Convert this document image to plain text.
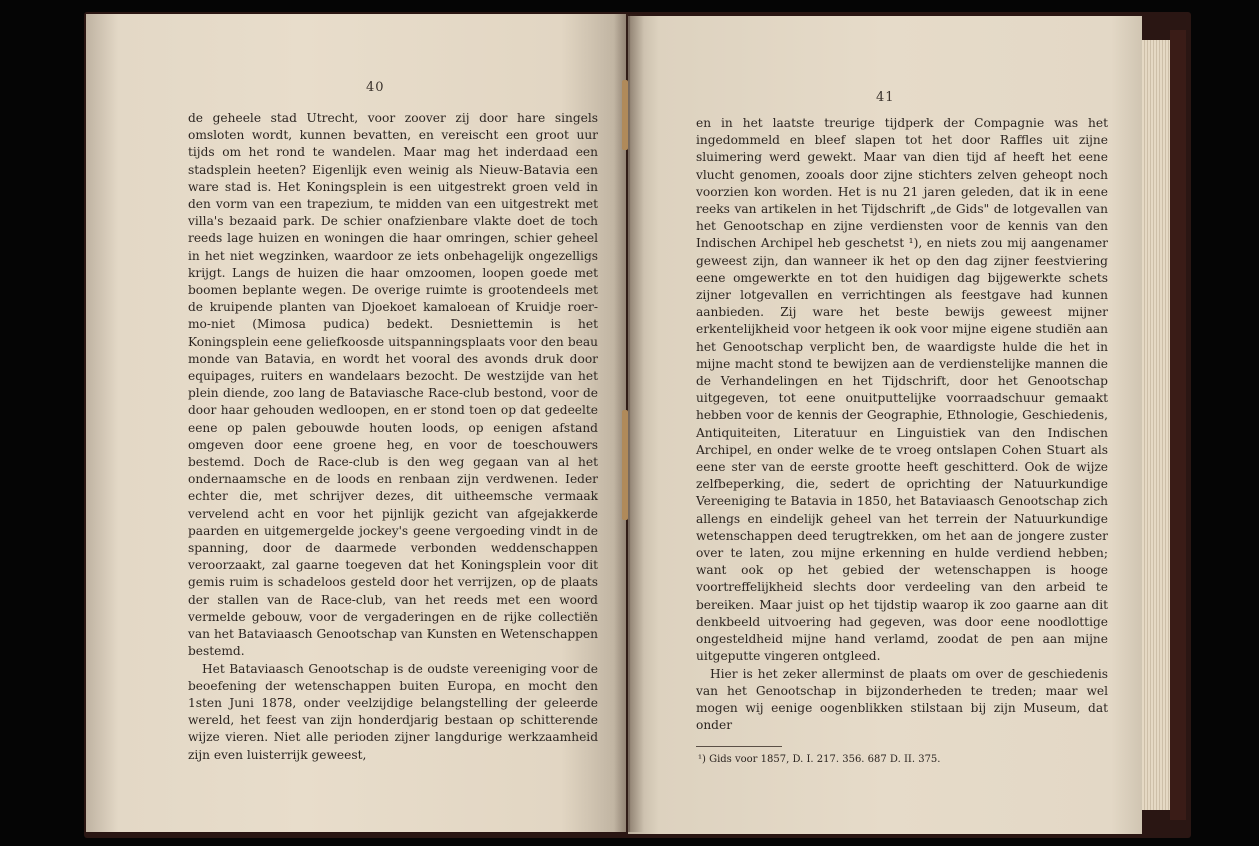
40

de geheele stad Utrecht, voor zoover zij door hare singels omsloten wordt, kunnen bevatten, en vereischt een groot uur tijds om het rond te wandelen. Maar mag het inderdaad een stadsplein heeten? Eigenlijk even weinig als Nieuw-Batavia een ware stad is. Het Koningsplein is een uitgestrekt groen veld in den vorm van een trapezium, te midden van een uitgestrekt met villa's bezaaid park. De schier onafzienbare vlakte doet de toch reeds lage huizen en woningen die haar omringen, schier geheel in het niet wegzinken, waardoor ze iets onbehagelijk ongezelligs krijgt. Langs de huizen die haar omzoomen, loopen goede met boomen beplante wegen. De overige ruimte is grootendeels met de kruipende planten van Djoekoet kamaloean of Kruidje roer-mo-niet (Mimosa pudica) bedekt. Desniettemin is het Koningsplein eene geliefkoosde uitspanningsplaats voor den beau monde van Batavia, en wordt het vooral des avonds druk door equipages, ruiters en wandelaars bezocht. De westzijde van het plein diende, zoo lang de Bataviasche Race-club bestond, voor de door haar gehouden wedloopen, en er stond toen op dat gedeelte eene op palen gebouwde houten loods, op eenigen afstand omgeven door eene groene heg, en voor de toeschouwers bestemd. Doch de Race-club is den weg gegaan van al het ondernaamsche en de loods en renbaan zijn verdwenen. Ieder echter die, met schrijver dezes, dit uitheemsche vermaak vervelend acht en voor het pijnlijk gezicht van afgejakkerde paarden en uitgemergelde jockey's geene vergoeding vindt in de spanning, door de daarmede verbonden weddenschappen veroorzaakt, zal gaarne toegeven dat het Koningsplein voor dit gemis ruim is schadeloos gesteld door het verrijzen, op de plaats der stallen van de Race-club, van het reeds met een woord vermelde gebouw, voor de vergaderingen en de rijke collectiën van het Bataviaasch Genootschap van Kunsten en Wetenschappen bestemd.

Het Bataviaasch Genootschap is de oudste vereeniging voor de beoefening der wetenschappen buiten Europa, en mocht den 1sten Juni 1878, onder veelzijdige belangstelling der geleerde wereld, het feest van zijn honderdjarig bestaan op schitterende wijze vieren. Niet alle perioden zijner langdurige werkzaamheid zijn even luisterrijk geweest,

41

en in het laatste treurige tijdperk der Compagnie was het ingedommeld en bleef slapen tot het door Raffles uit zijne sluimering werd gewekt. Maar van dien tijd af heeft het eene vlucht genomen, zooals door zijne stichters zelven geheopt noch voorzien kon worden. Het is nu 21 jaren geleden, dat ik in eene reeks van artikelen in het Tijdschrift „de Gids" de lotgevallen van het Genootschap en zijne verdiensten voor de kennis van den Indischen Archipel heb geschetst ¹), en niets zou mij aangenamer geweest zijn, dan wanneer ik het op den dag zijner feestviering eene omgewerkte en tot den huidigen dag bijgewerkte schets zijner lotgevallen en verrichtingen als feestgave had kunnen aanbieden. Zij ware het beste bewijs geweest mijner erkentelijkheid voor hetgeen ik ook voor mijne eigene studiën aan het Genootschap verplicht ben, de waardigste hulde die het in mijne macht stond te bewijzen aan de verdienstelijke mannen die de Verhandelingen en het Tijdschrift, door het Genootschap uitgegeven, tot eene onuitputtelijke voorraadschuur gemaakt hebben voor de kennis der Geographie, Ethnologie, Geschiedenis, Antiquiteiten, Literatuur en Linguistiek van den Indischen Archipel, en onder welke de te vroeg ontslapen Cohen Stuart als eene ster van de eerste grootte heeft geschitterd. Ook de wijze zelfbeperking, die, sedert de oprichting der Natuurkundige Vereeniging te Batavia in 1850, het Bataviaasch Genootschap zich allengs en eindelijk geheel van het terrein der Natuurkundige wetenschappen deed terugtrekken, om het aan de jongere zuster over te laten, zou mijne erkenning en hulde verdiend hebben; want ook op het gebied der wetenschappen is hooge voortreffelijkheid slechts door verdeeling van den arbeid te bereiken. Maar juist op het tijdstip waarop ik zoo gaarne aan dit denkbeeld uitvoering had gegeven, was door eene noodlottige ongesteldheid mijne hand verlamd, zoodat de pen aan mijne uitgeputte vingeren ontgleed.

Hier is het zeker allerminst de plaats om over de geschiedenis van het Genootschap in bijzonderheden te treden; maar wel mogen wij eenige oogenblikken stilstaan bij zijn Museum, dat onder

¹) Gids voor 1857, D. I. 217. 356. 687 D. II. 375.
